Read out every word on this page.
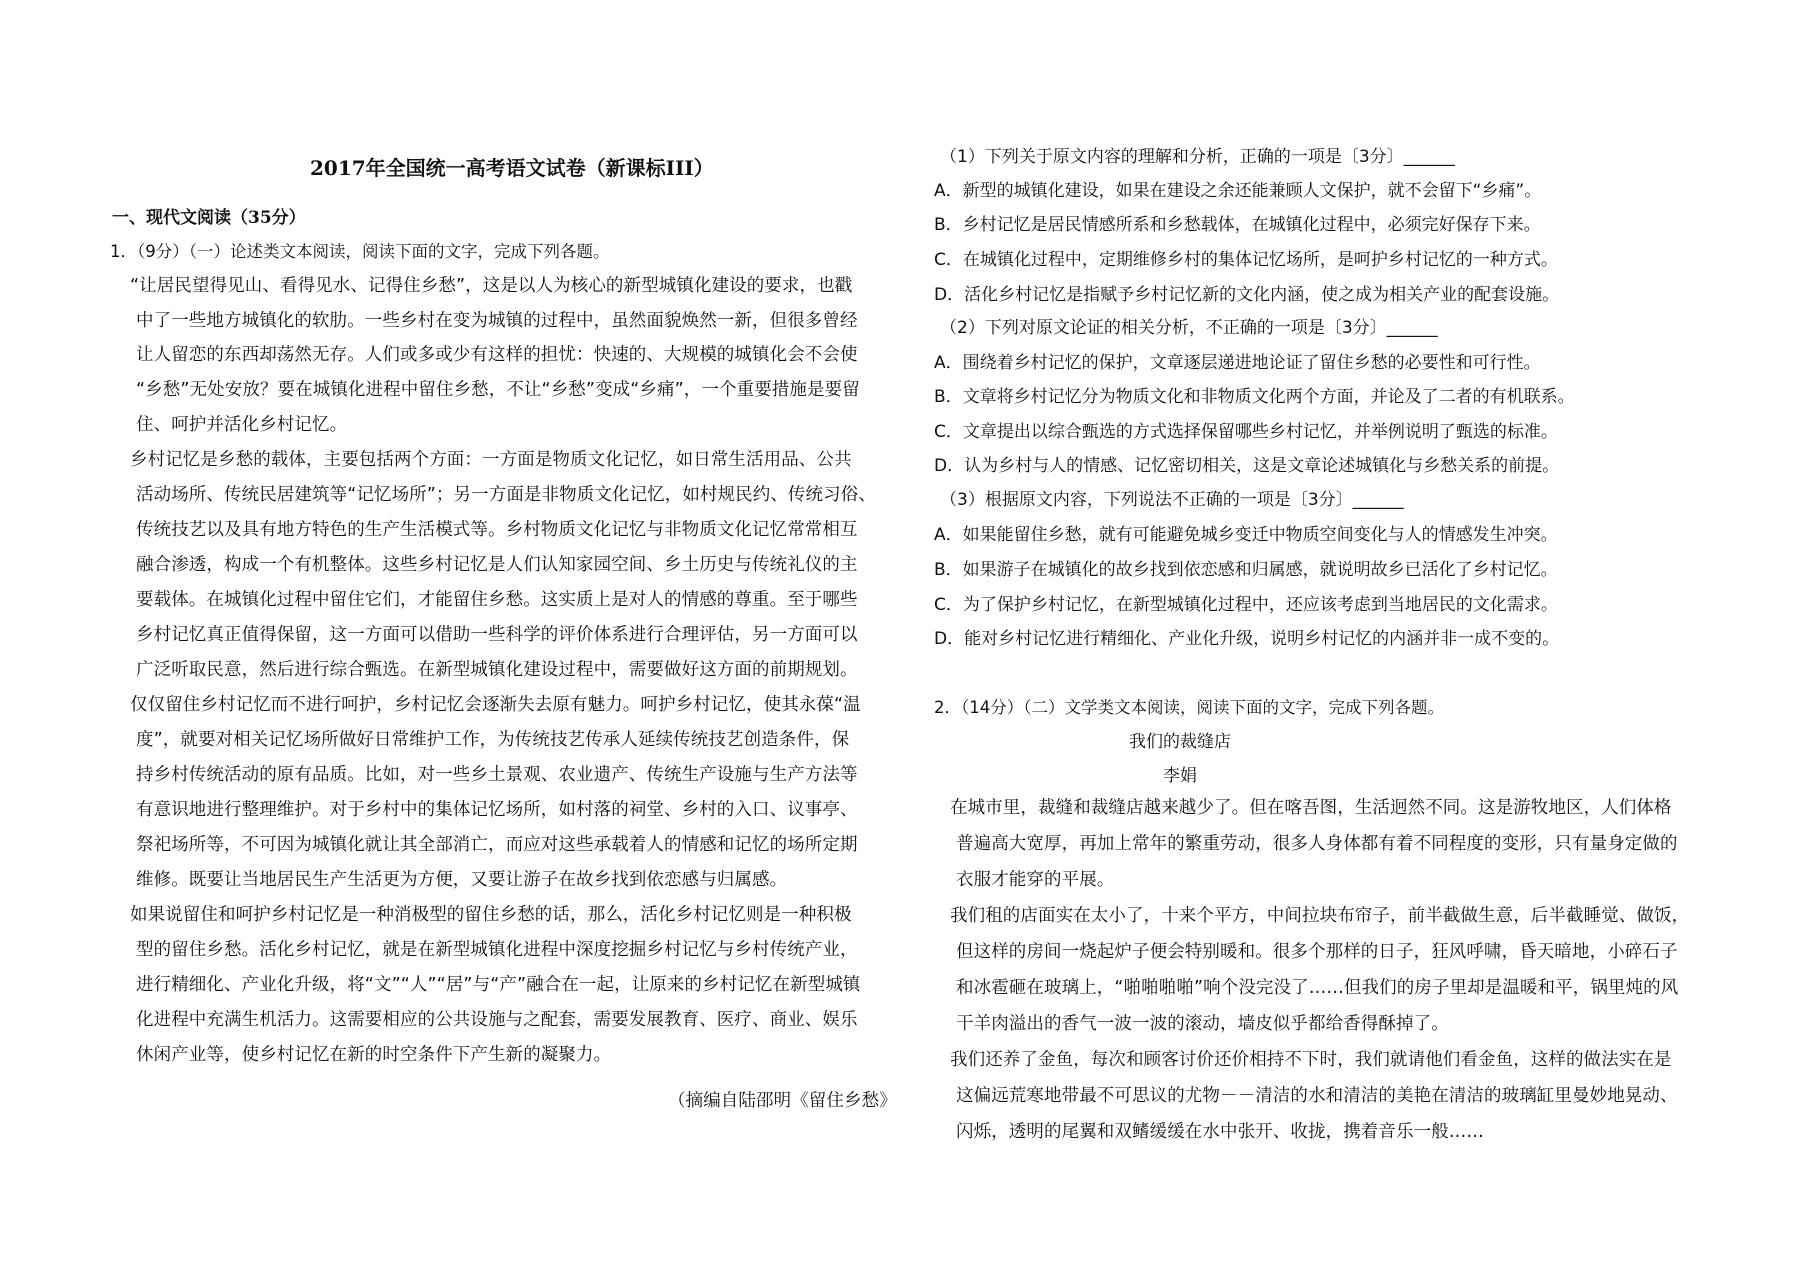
2017年全国统一高考语文试卷（新课标III）
一、现代文阅读（35分）
1．（9分）（一）论述类文本阅读，阅读下面的文字，完成下列各题。
“让居民望得见山、看得见水、记得住乡愁”，这是以人为核心的新型城镇化建设的要求，也戳
中了一些地方城镇化的软肋。一些乡村在变为城镇的过程中，虽然面貌焕然一新，但很多曾经
让人留恋的东西却荡然无存。人们或多或少有这样的担忧：快速的、大规模的城镇化会不会使
“乡愁”无处安放？要在城镇化进程中留住乡愁，不让“乡愁”变成“乡痛”，一个重要措施是要留
住、呵护并活化乡村记忆。
乡村记忆是乡愁的载体，主要包括两个方面：一方面是物质文化记忆，如日常生活用品、公共
活动场所、传统民居建筑等“记忆场所”；另一方面是非物质文化记忆，如村规民约、传统习俗、
传统技艺以及具有地方特色的生产生活模式等。乡村物质文化记忆与非物质文化记忆常常相互
融合渗透，构成一个有机整体。这些乡村记忆是人们认知家园空间、乡土历史与传统礼仪的主
要载体。在城镇化过程中留住它们，才能留住乡愁。这实质上是对人的情感的尊重。至于哪些
乡村记忆真正值得保留，这一方面可以借助一些科学的评价体系进行合理评估，另一方面可以
广泛听取民意，然后进行综合甄选。在新型城镇化建设过程中，需要做好这方面的前期规划。
仅仅留住乡村记忆而不进行呵护，乡村记忆会逐渐失去原有魅力。呵护乡村记忆，使其永葆“温
度”，就要对相关记忆场所做好日常维护工作，为传统技艺传承人延续传统技艺创造条件，保
持乡村传统活动的原有品质。比如，对一些乡土景观、农业遗产、传统生产设施与生产方法等
有意识地进行整理维护。对于乡村中的集体记忆场所，如村落的祠堂、乡村的入口、议事亭、
祭祀场所等，不可因为城镇化就让其全部消亡，而应对这些承载着人的情感和记忆的场所定期
维修。既要让当地居民生产生活更为方便，又要让游子在故乡找到依恋感与归属感。
如果说留住和呵护乡村记忆是一种消极型的留住乡愁的话，那么，活化乡村记忆则是一种积极
型的留住乡愁。活化乡村记忆，就是在新型城镇化进程中深度挖掘乡村记忆与乡村传统产业，
进行精细化、产业化升级，将“文”“人”“居”与“产”融合在一起，让原来的乡村记忆在新型城镇
化进程中充满生机活力。这需要相应的公共设施与之配套，需要发展教育、医疗、商业、娱乐
休闲产业等，使乡村记忆在新的时空条件下产生新的凝聚力。
（摘编自陆邵明《留住乡愁》
（1）下列关于原文内容的理解和分析，正确的一项是〔3分〕______
A．新型的城镇化建设，如果在建设之余还能兼顾人文保护，就不会留下“乡痛”。
B．乡村记忆是居民情感所系和乡愁载体，在城镇化过程中，必须完好保存下来。
C．在城镇化过程中，定期维修乡村的集体记忆场所，是呵护乡村记忆的一种方式。
D．活化乡村记忆是指赋予乡村记忆新的文化内涵，使之成为相关产业的配套设施。
（2）下列对原文论证的相关分析，不正确的一项是〔3分〕______
A．围绕着乡村记忆的保护，文章逐层递进地论证了留住乡愁的必要性和可行性。
B．文章将乡村记忆分为物质文化和非物质文化两个方面，并论及了二者的有机联系。
C．文章提出以综合甄选的方式选择保留哪些乡村记忆，并举例说明了甄选的标准。
D．认为乡村与人的情感、记忆密切相关，这是文章论述城镇化与乡愁关系的前提。
（3）根据原文内容，下列说法不正确的一项是〔3分〕______
A．如果能留住乡愁，就有可能避免城乡变迁中物质空间变化与人的情感发生冲突。
B．如果游子在城镇化的故乡找到依恋感和归属感，就说明故乡已活化了乡村记忆。
C．为了保护乡村记忆，在新型城镇化过程中，还应该考虑到当地居民的文化需求。
D．能对乡村记忆进行精细化、产业化升级，说明乡村记忆的内涵并非一成不变的。
2．（14分）（二）文学类文本阅读，阅读下面的文字，完成下列各题。
我们的裁缝店
李娟
在城市里，裁缝和裁缝店越来越少了。但在喀吾图，生活迥然不同。这是游牧地区，人们体格
普遍高大宽厚，再加上常年的繁重劳动，很多人身体都有着不同程度的变形，只有量身定做的
衣服才能穿的平展。
我们租的店面实在太小了，十来个平方，中间拉块布帘子，前半截做生意，后半截睡觉、做饭，
但这样的房间一烧起炉子便会特别暖和。很多个那样的日子，狂风呼啸，昏天暗地，小碎石子
和冰雹砸在玻璃上，“啪啪啪啪”响个没完没了……但我们的房子里却是温暖和平，锅里炖的风
干羊肉溢出的香气一波一波的滚动，墙皮似乎都给香得酥掉了。
我们还养了金鱼，每次和顾客讨价还价相持不下时，我们就请他们看金鱼，这样的做法实在是
这偏远荒寒地带最不可思议的尤物－－清洁的水和清洁的美艳在清洁的玻璃缸里曼妙地晃动、
闪烁，透明的尾翼和双鳍缓缓在水中张开、收拢，携着音乐一般……
